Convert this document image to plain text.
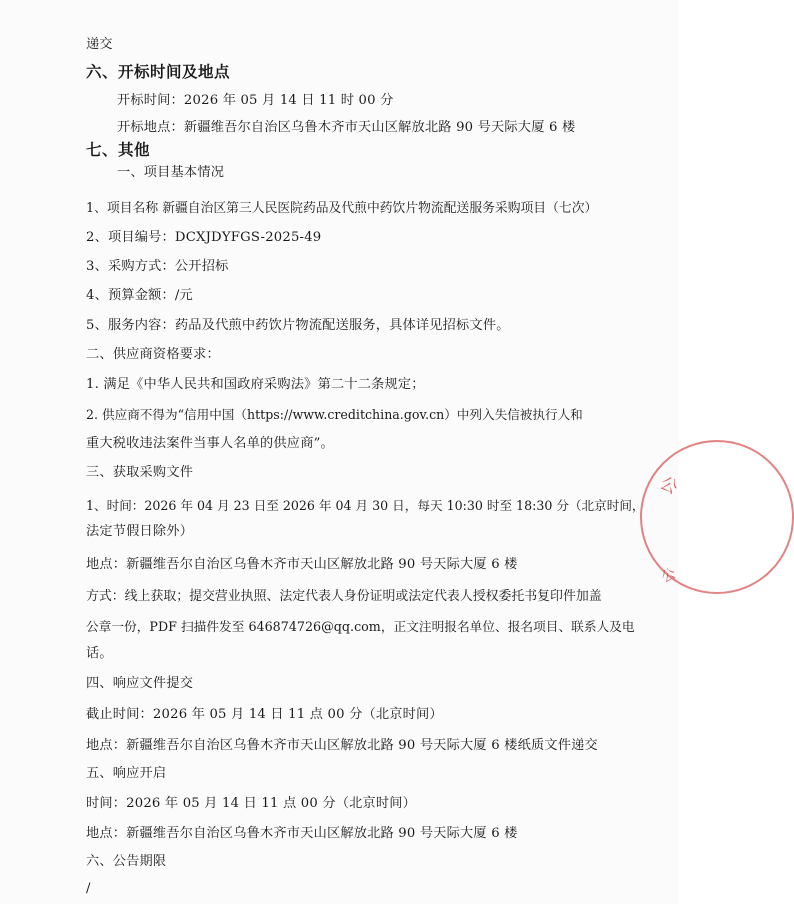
递交
六、开标时间及地点
开标时间：2026 年 05 月 14 日 11 时 00 分
开标地点：新疆维吾尔自治区乌鲁木齐市天山区解放北路 90 号天际大厦 6 楼
七、其他
一、项目基本情况
1、项目名称 新疆自治区第三人民医院药品及代煎中药饮片物流配送服务采购项目（七次）
2、项目编号：DCXJDYFGS-2025-49
3、采购方式：公开招标
4、预算金额：/元
5、服务内容：药品及代煎中药饮片物流配送服务，具体详见招标文件。
二、供应商资格要求：
1. 满足《中华人民共和国政府采购法》第二十二条规定；
2. 供应商不得为“信用中国（https://www.creditchina.gov.cn）中列入失信被执行人和
重大税收违法案件当事人名单的供应商”。
三、获取采购文件
1、时间：2026 年 04 月 23 日至 2026 年 04 月 30 日，每天 10:30 时至 18:30 分（北京时间，
法定节假日除外）
地点：新疆维吾尔自治区乌鲁木齐市天山区解放北路 90 号天际大厦 6 楼
方式：线上获取；提交营业执照、法定代表人身份证明或法定代表人授权委托书复印件加盖
公章一份，PDF 扫描件发至 646874726@qq.com，正文注明报名单位、报名项目、联系人及电
话。
四、响应文件提交
截止时间：2026 年 05 月 14 日 11 点 00 分（北京时间）
地点：新疆维吾尔自治区乌鲁木齐市天山区解放北路 90 号天际大厦 6 楼纸质文件递交
五、响应开启
时间：2026 年 05 月 14 日 11 点 00 分（北京时间）
地点：新疆维吾尔自治区乌鲁木齐市天山区解放北路 90 号天际大厦 6 楼
六、公告期限
/
公
公
